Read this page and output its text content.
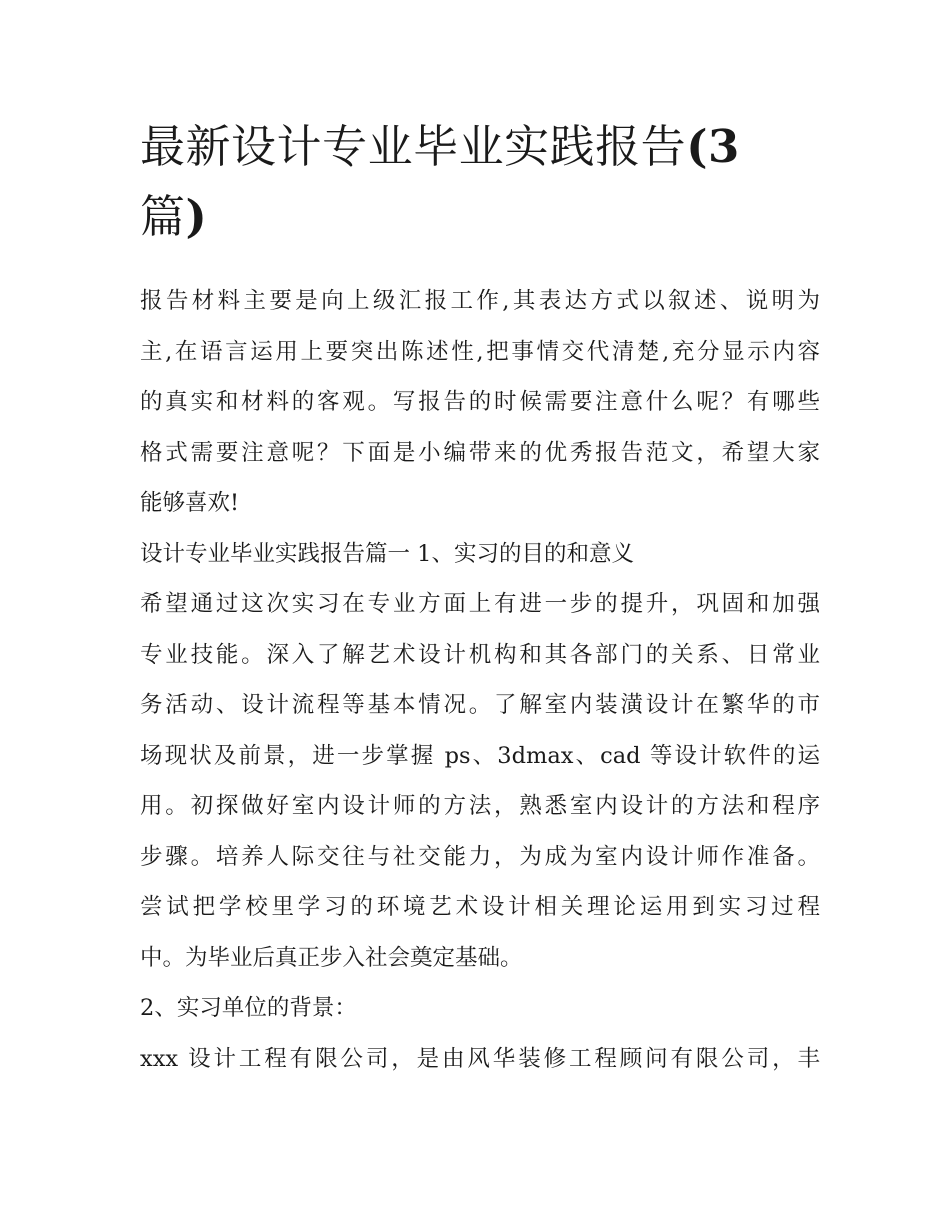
最新设计专业毕业实践报告(3
篇)
报告材料主要是向上级汇报工作,其表达方式以叙述、说明为
主,在语言运用上要突出陈述性,把事情交代清楚,充分显示内容
的真实和材料的客观。写报告的时候需要注意什么呢？有哪些
格式需要注意呢？下面是小编带来的优秀报告范文，希望大家
能够喜欢!
设计专业毕业实践报告篇一 1、实习的目的和意义
希望通过这次实习在专业方面上有进一步的提升，巩固和加强
专业技能。深入了解艺术设计机构和其各部门的关系、日常业
务活动、设计流程等基本情况。了解室内装潢设计在繁华的市
场现状及前景，进一步掌握 ps、3dmax、cad 等设计软件的运
用。初探做好室内设计师的方法，熟悉室内设计的方法和程序
步骤。培养人际交往与社交能力，为成为室内设计师作准备。
尝试把学校里学习的环境艺术设计相关理论运用到实习过程
中。为毕业后真正步入社会奠定基础。
2、实习单位的背景：
xxx 设计工程有限公司，是由风华装修工程顾问有限公司，丰
